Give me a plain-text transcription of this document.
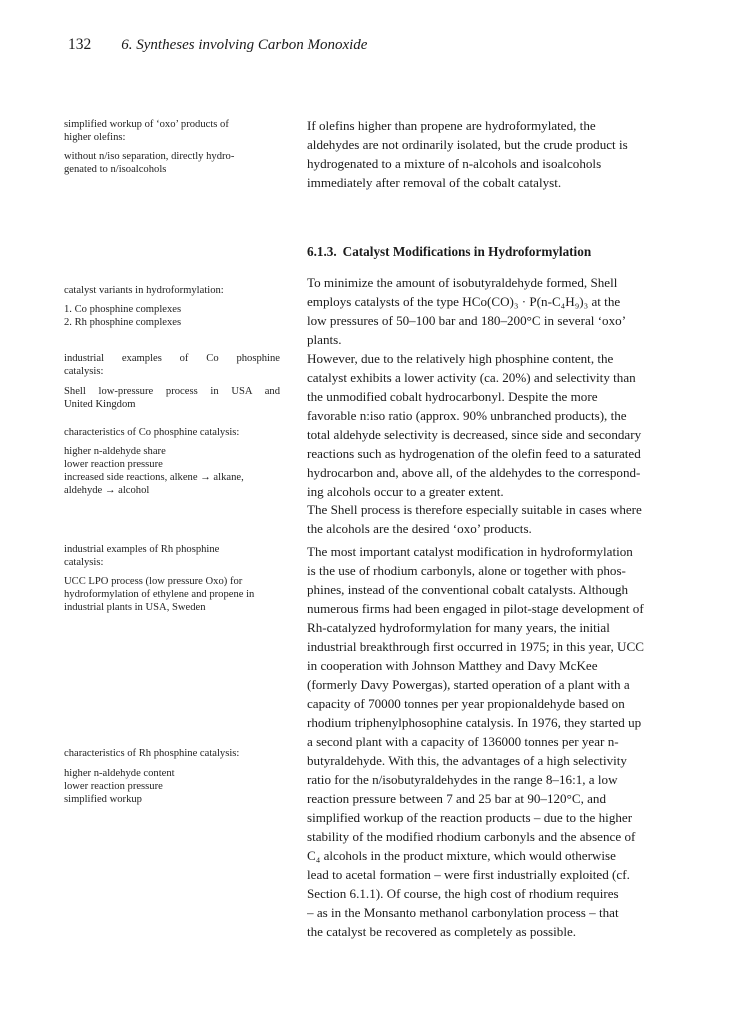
132 6. Syntheses involving Carbon Monoxide

simplified workup of ‘oxo’ products of

higher olefins:

without n/iso separation, directly hydro-

genated to n/isoalcohols

catalyst variants in hydroformylation:

1. Co phosphine complexes

2. Rh phosphine complexes

industrial examples of Co phosphine

catalysis:

Shell low-pressure process in USA and

United Kingdom

characteristics of Co phosphine catalysis:

higher n-aldehyde share

lower reaction pressure

increased side reactions, alkene → alkane,

aldehyde → alcohol

industrial examples of Rh phosphine

catalysis:

UCC LPO process (low pressure Oxo) for

hydroformylation of ethylene and propene in

industrial plants in USA, Sweden

characteristics of Rh phosphine catalysis:

higher n-aldehyde content

lower reaction pressure

simplified workup

If olefins higher than propene are hydroformylated, the
aldehydes are not ordinarily isolated, but the crude product is
hydrogenated to a mixture of n-alcohols and isoalcohols
immediately after removal of the cobalt catalyst.
6.1.3. Catalyst Modifications in Hydroformylation
To minimize the amount of isobutyraldehyde formed, Shell
employs catalysts of the type HCo(CO)₃ · P(n-C₄H₉)₃ at the
low pressures of 50–100 bar and 180–200°C in several ‘oxo’
plants.
However, due to the relatively high phosphine content, the
catalyst exhibits a lower activity (ca. 20%) and selectivity than
the unmodified cobalt hydrocarbonyl. Despite the more
favorable n:iso ratio (approx. 90% unbranched products), the
total aldehyde selectivity is decreased, since side and secondary
reactions such as hydrogenation of the olefin feed to a saturated
hydrocarbon and, above all, of the aldehydes to the correspond-
ing alcohols occur to a greater extent.
The Shell process is therefore especially suitable in cases where
the alcohols are the desired ‘oxo’ products.
The most important catalyst modification in hydroformylation
is the use of rhodium carbonyls, alone or together with phos-
phines, instead of the conventional cobalt catalysts. Although
numerous firms had been engaged in pilot-stage development of
Rh-catalyzed hydroformylation for many years, the initial
industrial breakthrough first occurred in 1975; in this year, UCC
in cooperation with Johnson Matthey and Davy McKee
(formerly Davy Powergas), started operation of a plant with a
capacity of 70000 tonnes per year propionaldehyde based on
rhodium triphenylphosophine catalysis. In 1976, they started up
a second plant with a capacity of 136000 tonnes per year n-
butyraldehyde. With this, the advantages of a high selectivity
ratio for the n/isobutyraldehydes in the range 8–16:1, a low
reaction pressure between 7 and 25 bar at 90–120°C, and
simplified workup of the reaction products – due to the higher
stability of the modified rhodium carbonyls and the absence of
C₄ alcohols in the product mixture, which would otherwise
lead to acetal formation – were first industrially exploited (cf.
Section 6.1.1). Of course, the high cost of rhodium requires
– as in the Monsanto methanol carbonylation process – that
the catalyst be recovered as completely as possible.
